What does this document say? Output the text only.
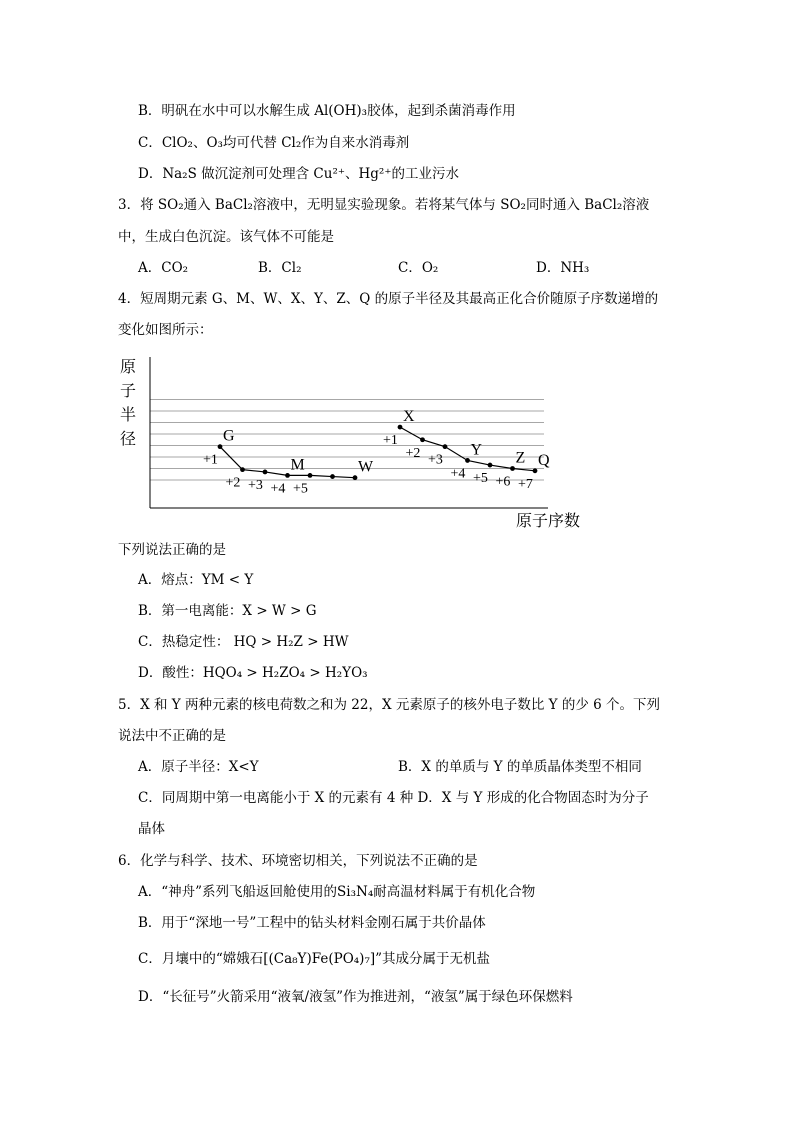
B．明矾在水中可以水解生成 Al(OH)₃胶体，起到杀菌消毒作用
C．ClO₂、O₃均可代替 Cl₂作为自来水消毒剂
D．Na₂S 做沉淀剂可处理含 Cu²⁺、Hg²⁺的工业污水
3．将 SO₂通入 BaCl₂溶液中，无明显实验现象。若将某气体与 SO₂同时通入 BaCl₂溶液
中，生成白色沉淀。该气体不可能是
A．CO₂	B．Cl₂	C．O₂	D．NH₃
4．短周期元素 G、M、W、X、Y、Z、Q 的原子半径及其最高正化合价随原子序数递增的
变化如图所示：
原
子
半
径
原子序数
+1
G
+2 +3 +4
M
+5
W
+1
X
+2 +3
+4
Y
+5 +6
Z
+7
Q
下列说法正确的是
A．熔点：YM < Y
B．第一电离能：X > W > G
C．热稳定性： HQ > H₂Z > HW
D．酸性：HQO₄ > H₂ZO₄ > H₂YO₃
5．X 和 Y 两种元素的核电荷数之和为 22，X 元素原子的核外电子数比 Y 的少 6 个。下列
说法中不正确的是
A．原子半径：X<Y	B．X 的单质与 Y 的单质晶体类型不相同
C．同周期中第一电离能小于 X 的元素有 4 种 D．X 与 Y 形成的化合物固态时为分子
晶体
6．化学与科学、技术、环境密切相关，下列说法不正确的是
A．“神舟”系列飞船返回舱使用的Si₃N₄耐高温材料属于有机化合物
B．用于“深地一号”工程中的钻头材料金刚石属于共价晶体
C．月壤中的“嫦娥石[(Ca₈Y)Fe(PO₄)₇]”其成分属于无机盐
D．“长征号”火箭采用“液氧/液氢”作为推进剂，“液氢”属于绿色环保燃料
